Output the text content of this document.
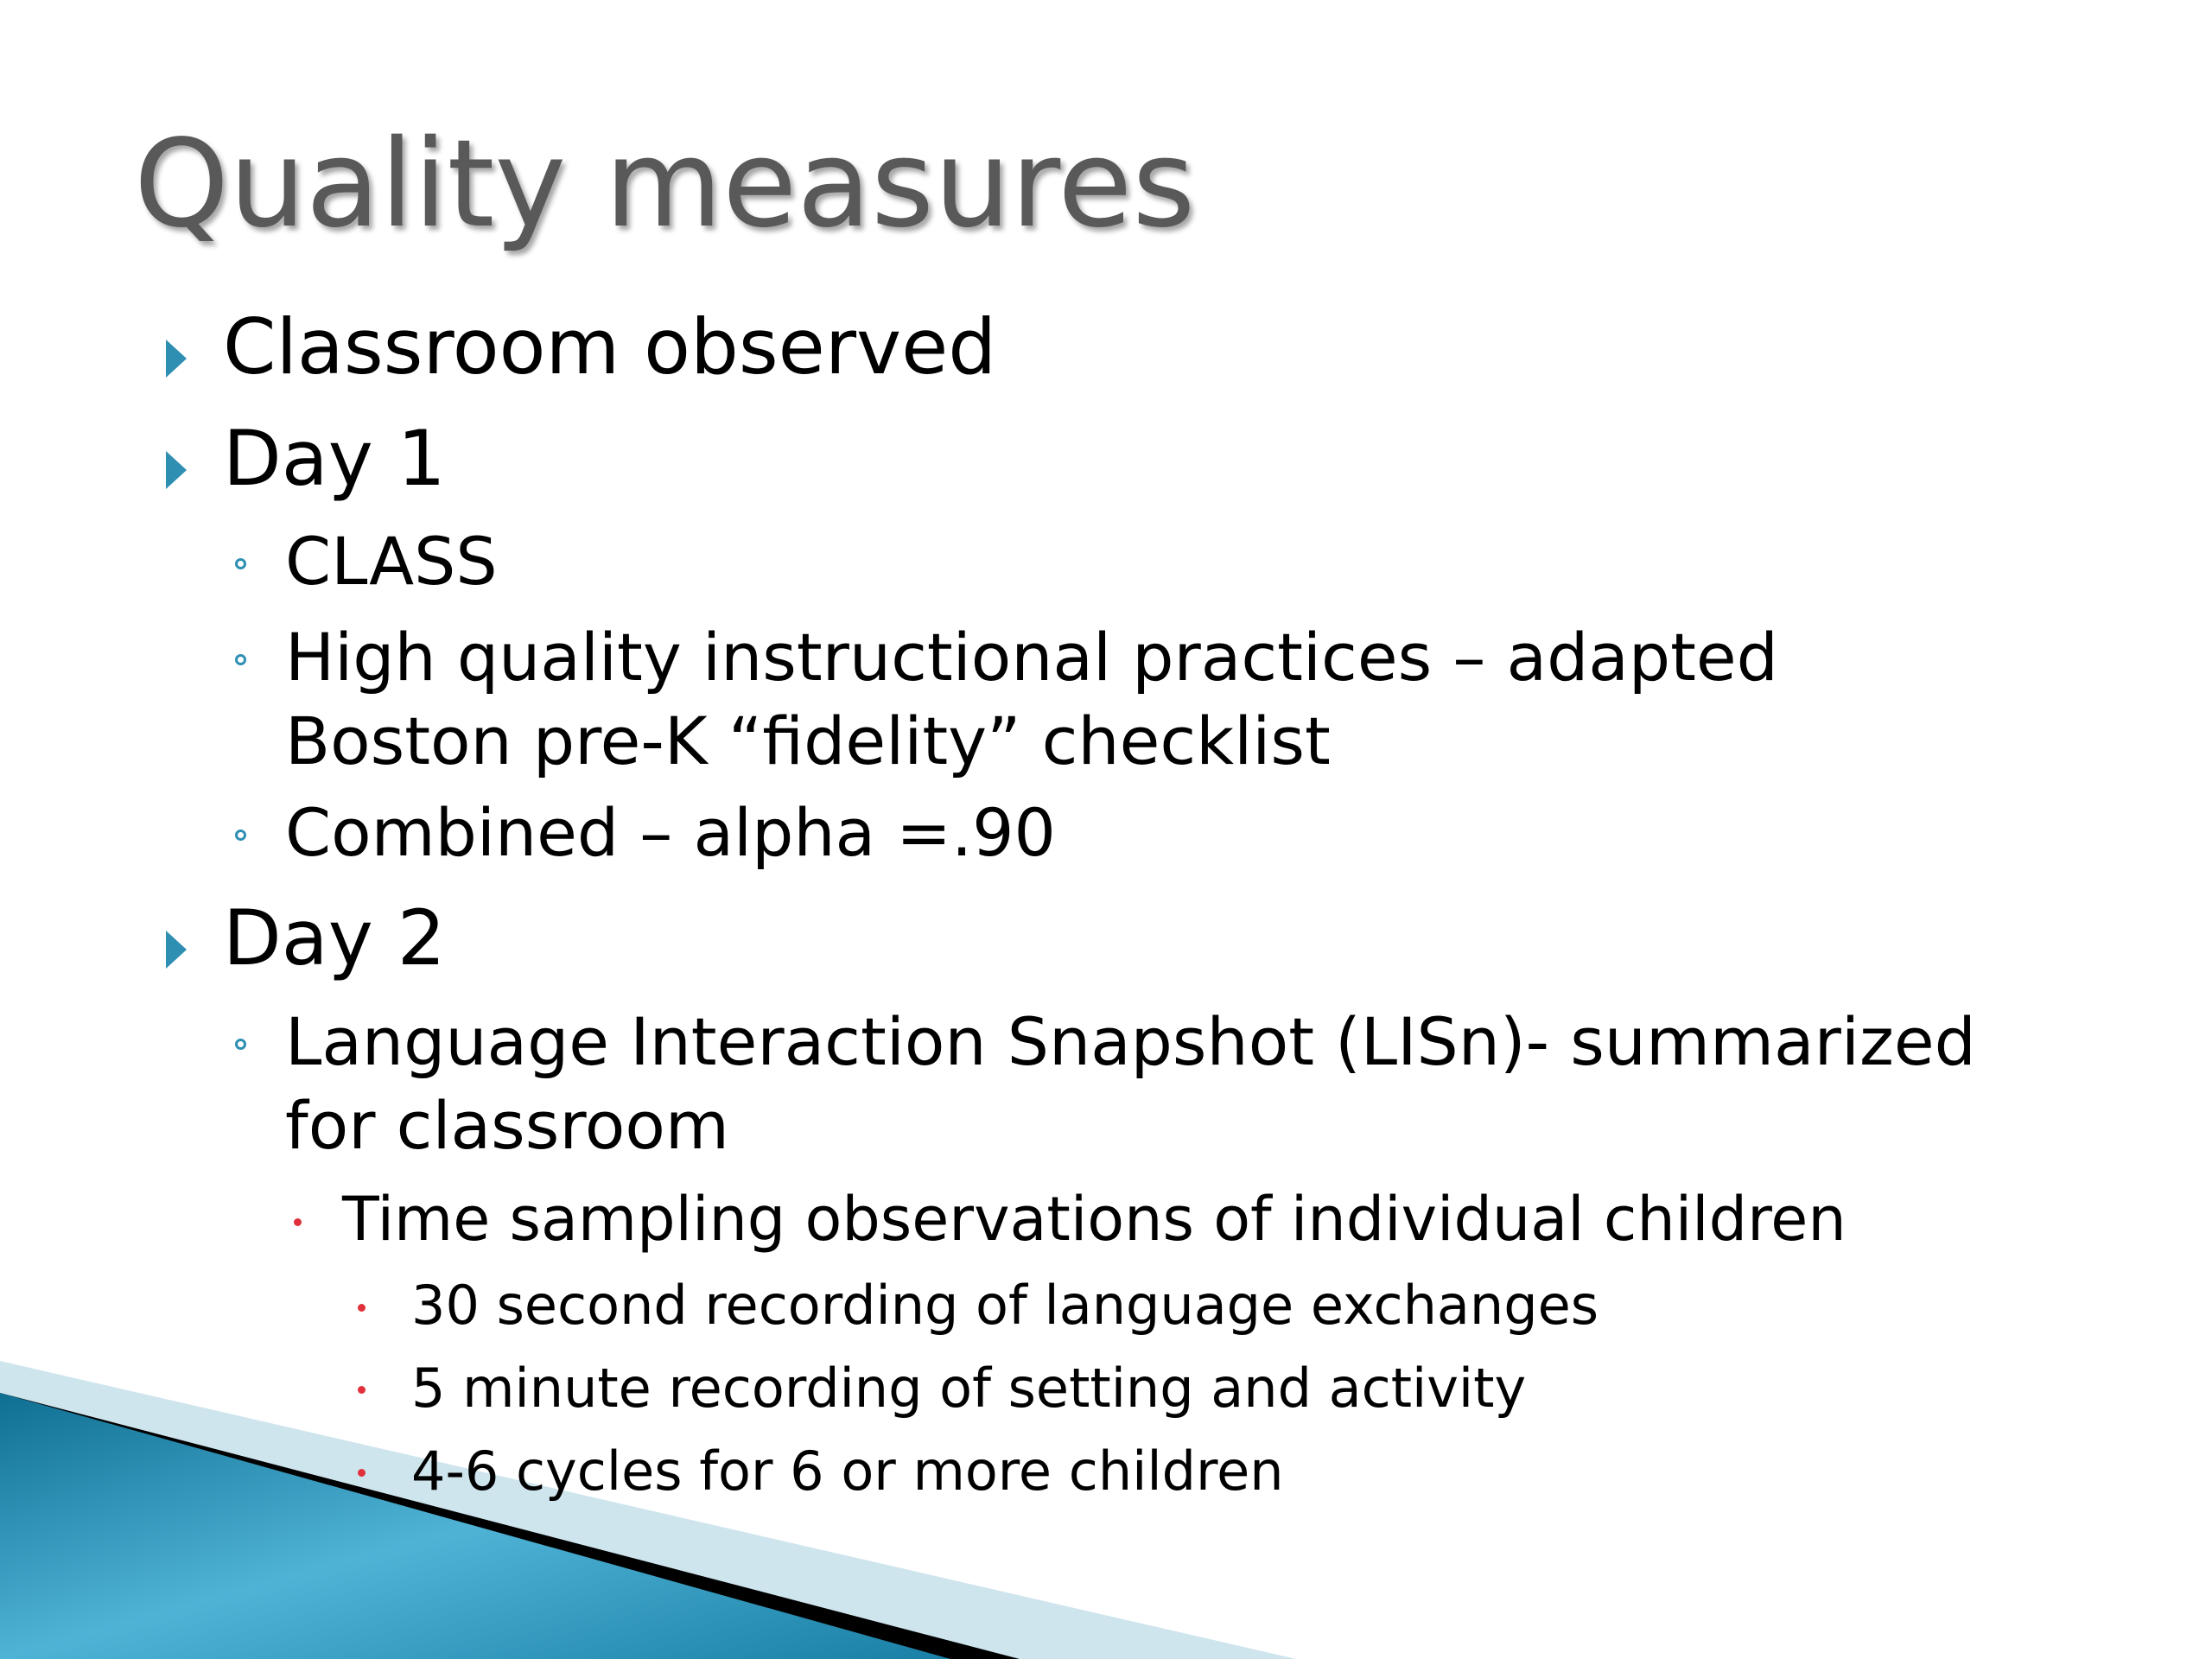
Quality measures
Classroom observed
Day 1
CLASS
High quality instructional practices – adapted
Boston pre-K “fidelity” checklist
Combined – alpha =.90
Day 2
Language Interaction Snapshot (LISn)- summarized
for classroom
Time sampling observations of individual children
30 second recording of language exchanges
5 minute recording of setting and activity
4-6 cycles for 6 or more children
